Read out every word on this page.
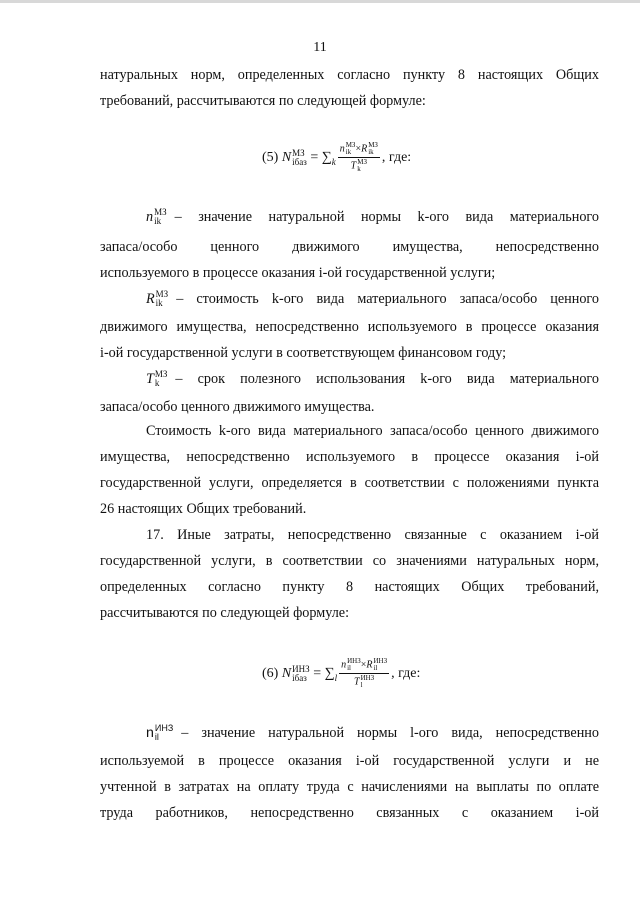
11

натуральных норм, определенных согласно пункту 8 настоящих Общих

требований, рассчитываются по следующей формуле:

(5)
N МЗ
iбаз
=
∑ k n МЗ
ik ×R МЗ
ik
T МЗ
k , где:
n МЗ
ik – значение натуральной нормы k-ого вида материального

запаса/особо ценного движимого имущества, непосредственно

используемого в процессе оказания i-ой государственной услуги;

R МЗ
ik – стоимость k-ого вида материального запаса/особо ценного

движимого имущества, непосредственно используемого в процессе оказания

i-ой государственной услуги в соответствующем финансовом году;

T МЗ
k	– срок полезного использования k-ого вида материального

запаса/особо ценного движимого имущества.

Стоимость k-ого вида материального запаса/особо ценного движимого

имущества, непосредственно используемого в процессе оказания i-ой

государственной услуги, определяется в соответствии с положениями пункта

26 настоящих Общих требований.

17. Иные затраты, непосредственно связанные с оказанием i-ой

государственной услуги, в соответствии со значениями натуральных норм,

определенных согласно пункту 8 настоящих Общих требований,

рассчитываются по следующей формуле:

(6)
N ИНЗ
iбаз
=
∑ l n ИНЗ
il ×R ИНЗ
il
T ИНЗ
l , где:
n ИНЗ
il	– значение натуральной нормы l-ого вида, непосредственно

используемой в процессе оказания i-ой государственной услуги и не

учтенной в затратах на оплату труда с начислениями на выплаты по оплате

труда работников, непосредственно связанных с оказанием i-ой
